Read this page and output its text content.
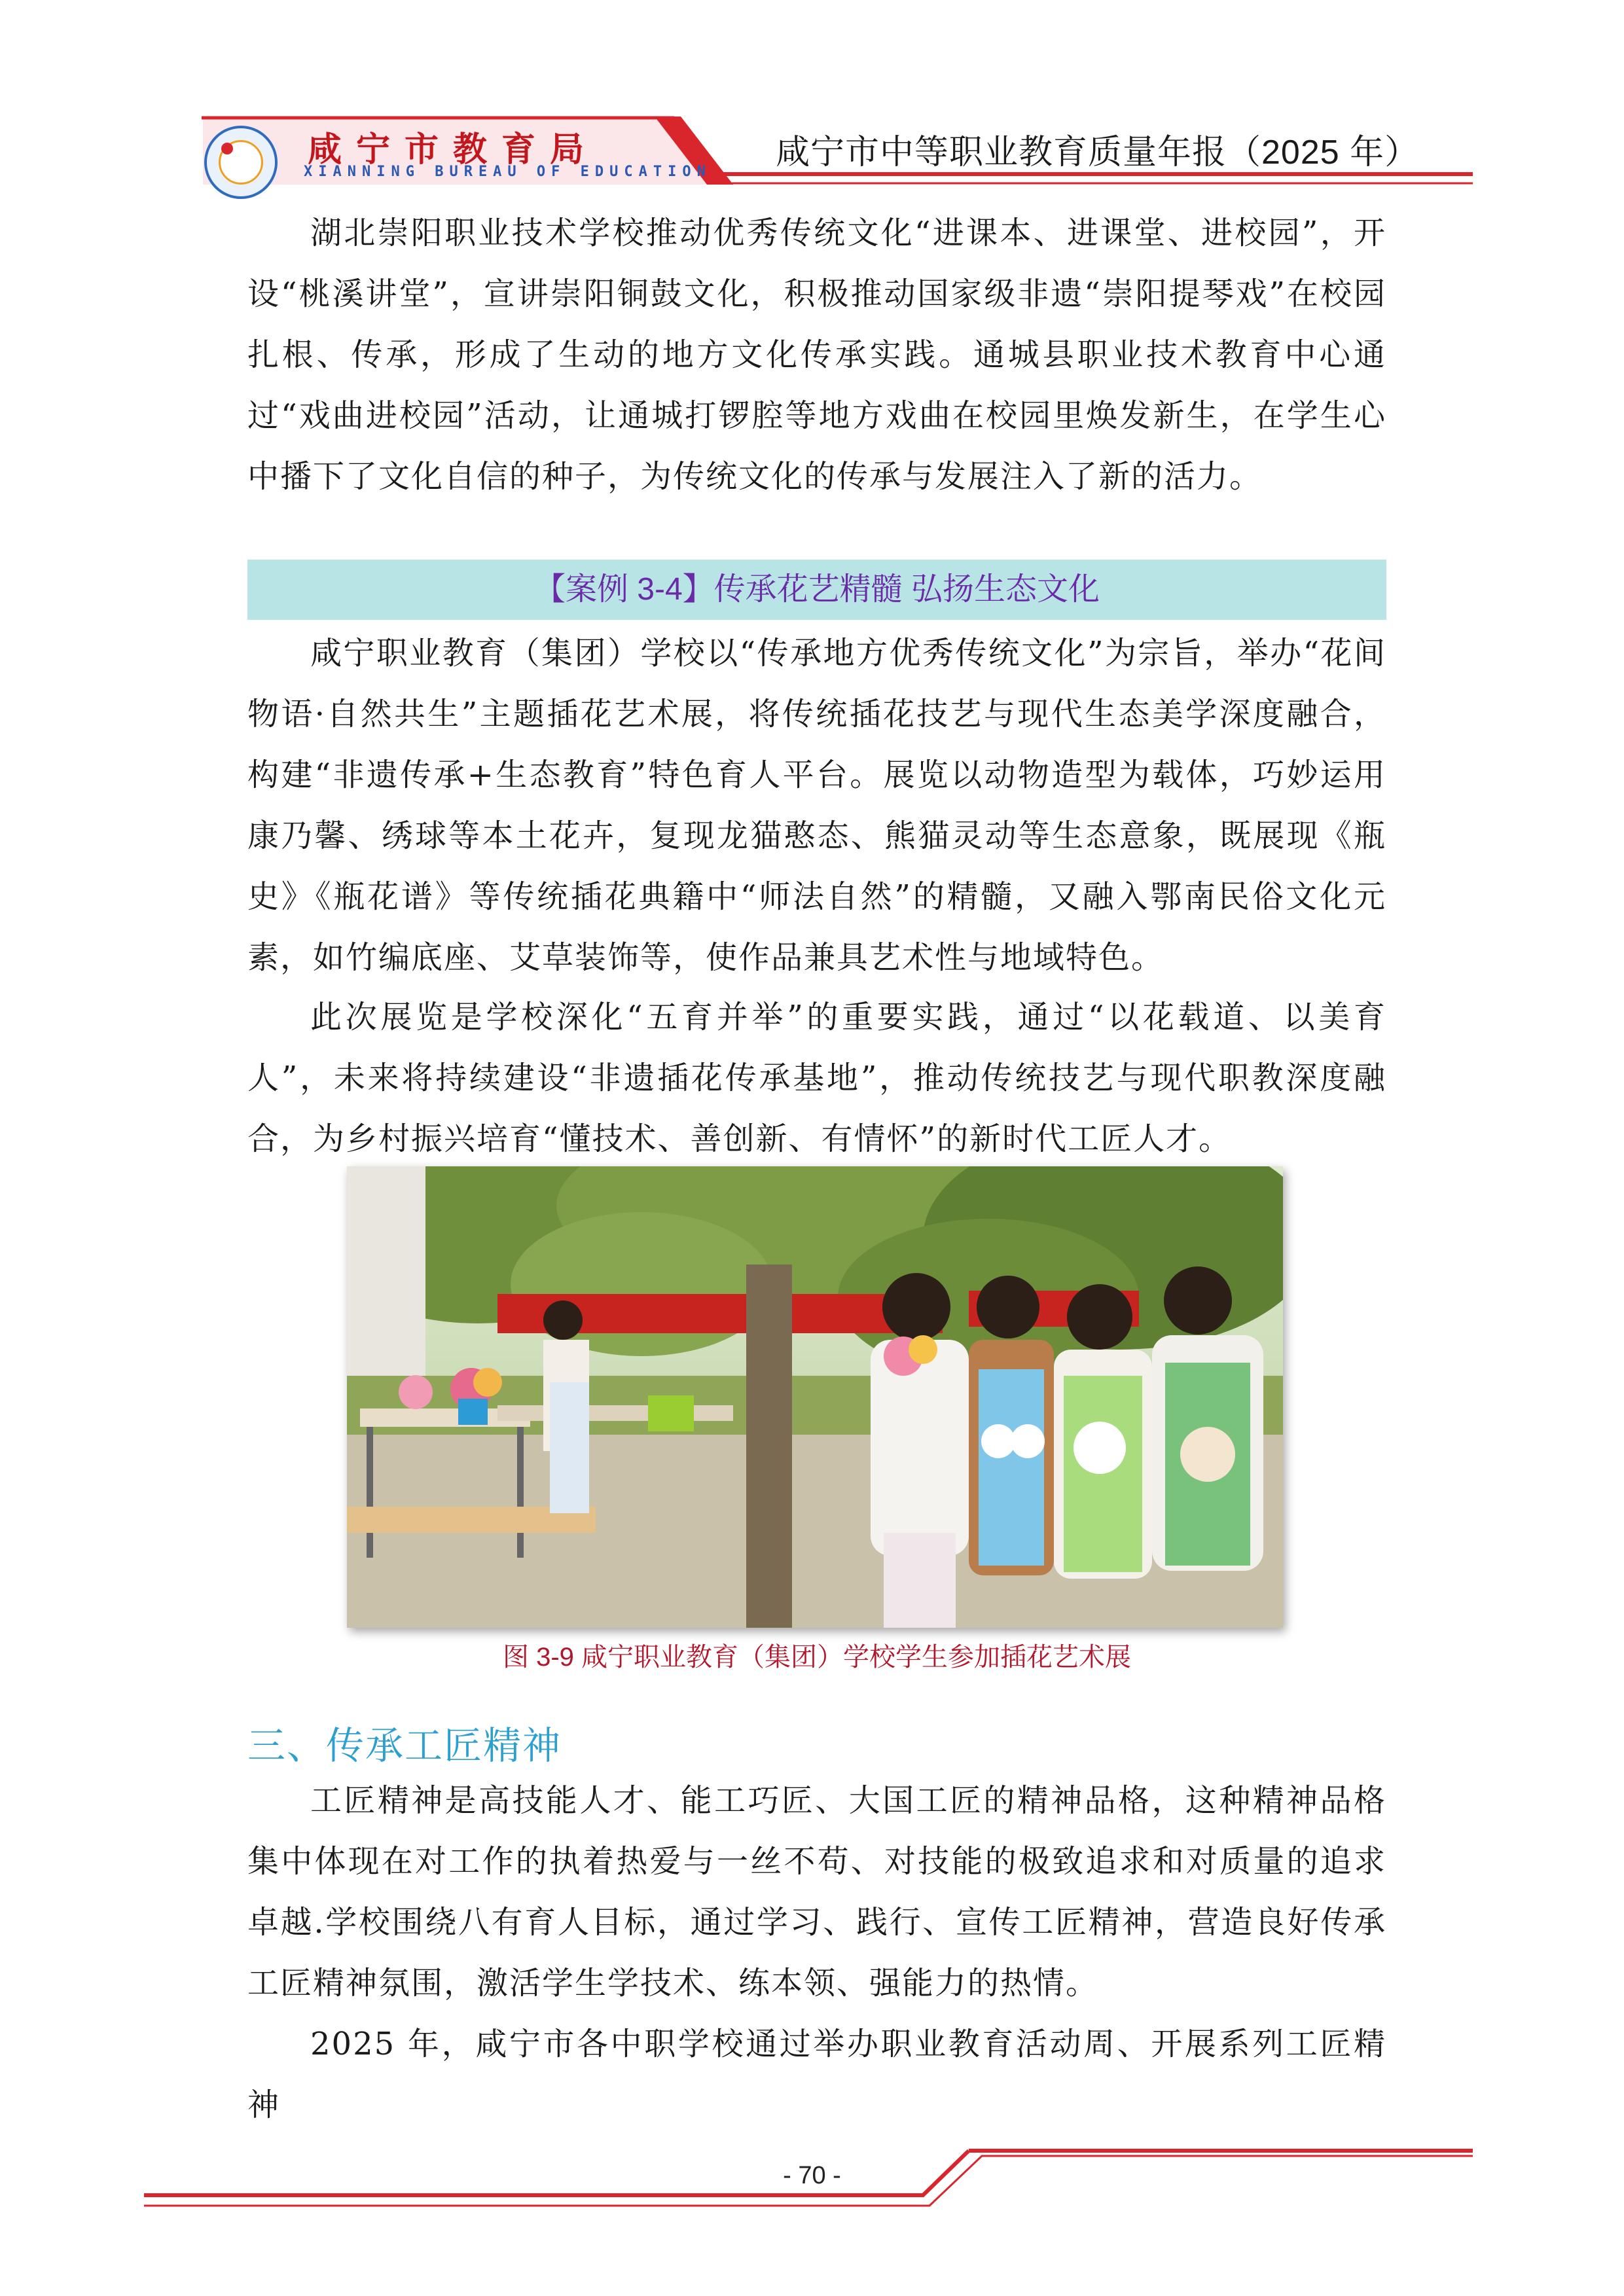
咸宁市教育局
XIANNING BUREAU OF EDUCATION
咸宁市中等职业教育质量年报（2025 年）

湖北崇阳职业技术学校推动优秀传统文化“进课本、进课堂、进校园”，开设“桃溪讲堂”，宣讲崇阳铜鼓文化，积极推动国家级非遗“崇阳提琴戏”在校园扎根、传承，形成了生动的地方文化传承实践。通城县职业技术教育中心通过“戏曲进校园”活动，让通城打锣腔等地方戏曲在校园里焕发新生，在学生心中播下了文化自信的种子，为传统文化的传承与发展注入了新的活力。

【案例 3-4】传承花艺精髓 弘扬生态文化

咸宁职业教育（集团）学校以“传承地方优秀传统文化”为宗旨，举办“花间物语·自然共生”主题插花艺术展，将传统插花技艺与现代生态美学深度融合，构建“非遗传承+生态教育”特色育人平台。展览以动物造型为载体，巧妙运用康乃馨、绣球等本土花卉，复现龙猫憨态、熊猫灵动等生态意象，既展现《瓶史》《瓶花谱》等传统插花典籍中“师法自然”的精髓，又融入鄂南民俗文化元素，如竹编底座、艾草装饰等，使作品兼具艺术性与地域特色。

此次展览是学校深化“五育并举”的重要实践，通过“以花载道、以美育人”，未来将持续建设“非遗插花传承基地”，推动传统技艺与现代职教深度融合，为乡村振兴培育“懂技术、善创新、有情怀”的新时代工匠人才。

图 3-9 咸宁职业教育（集团）学校学生参加插花艺术展
三、传承工匠精神

工匠精神是高技能人才、能工巧匠、大国工匠的精神品格，这种精神品格集中体现在对工作的执着热爱与一丝不苟、对技能的极致追求和对质量的追求卓越.学校围绕八有育人目标，通过学习、践行、宣传工匠精神，营造良好传承工匠精神氛围，激活学生学技术、练本领、强能力的热情。

2025 年，咸宁市各中职学校通过举办职业教育活动周、开展系列工匠精神

- 70 -
